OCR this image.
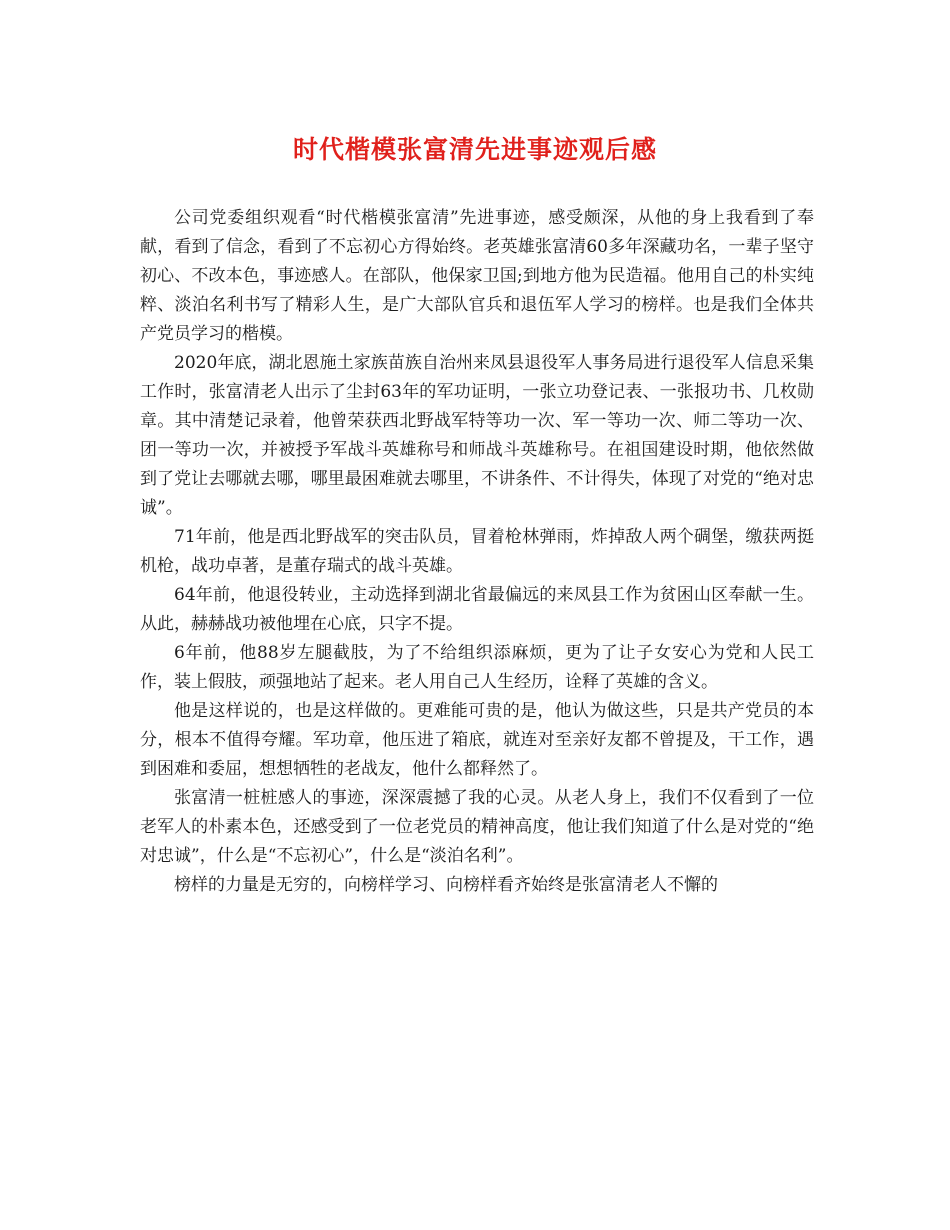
时代楷模张富清先进事迹观后感

公司党委组织观看“时代楷模张富清”先进事迹，感受颇深，从他的身上我看到了奉献，看到了信念，看到了不忘初心方得始终。老英雄张富清60多年深藏功名，一辈子坚守初心、不改本色，事迹感人。在部队，他保家卫国;到地方他为民造福。他用自己的朴实纯粹、淡泊名利书写了精彩人生，是广大部队官兵和退伍军人学习的榜样。也是我们全体共产党员学习的楷模。

2020年底，湖北恩施土家族苗族自治州来凤县退役军人事务局进行退役军人信息采集工作时，张富清老人出示了尘封63年的军功证明，一张立功登记表、一张报功书、几枚勋章。其中清楚记录着，他曾荣获西北野战军特等功一次、军一等功一次、师二等功一次、团一等功一次，并被授予军战斗英雄称号和师战斗英雄称号。在祖国建设时期，他依然做到了党让去哪就去哪，哪里最困难就去哪里，不讲条件、不计得失，体现了对党的“绝对忠诚”。

71年前，他是西北野战军的突击队员，冒着枪林弹雨，炸掉敌人两个碉堡，缴获两挺机枪，战功卓著，是董存瑞式的战斗英雄。

64年前，他退役转业，主动选择到湖北省最偏远的来凤县工作为贫困山区奉献一生。从此，赫赫战功被他埋在心底，只字不提。

6年前，他88岁左腿截肢，为了不给组织添麻烦，更为了让子女安心为党和人民工作，装上假肢，顽强地站了起来。老人用自己人生经历，诠释了英雄的含义。

他是这样说的，也是这样做的。更难能可贵的是，他认为做这些，只是共产党员的本分，根本不值得夸耀。军功章，他压进了箱底，就连对至亲好友都不曾提及，干工作，遇到困难和委屈，想想牺牲的老战友，他什么都释然了。

张富清一桩桩感人的事迹，深深震撼了我的心灵。从老人身上，我们不仅看到了一位老军人的朴素本色，还感受到了一位老党员的精神高度，他让我们知道了什么是对党的“绝对忠诚”，什么是“不忘初心”，什么是“淡泊名利”。

榜样的力量是无穷的，向榜样学习、向榜样看齐始终是张富清老人不懈的
